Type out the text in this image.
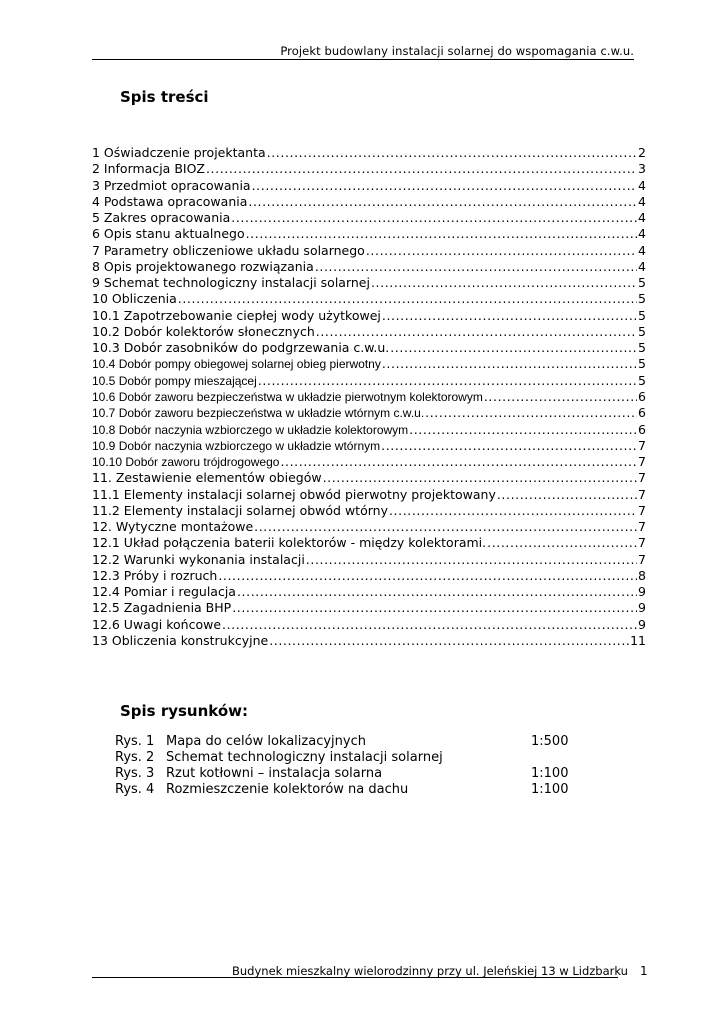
Projekt budowlany instalacji solarnej do wspomagania c.w.u.
Spis treści
1 Oświadczenie projektanta .....	2
2 Informacja BIOZ .....	3
3 Przedmiot opracowania .....	4
4 Podstawa opracowania .....	4
5 Zakres opracowania .....	4
6 Opis stanu aktualnego .....	4
7 Parametry obliczeniowe układu solarnego .....	4
8 Opis projektowanego rozwiązania .....	4
9 Schemat technologiczny instalacji solarnej .....	5
10 Obliczenia .....	5
10.1 Zapotrzebowanie ciepłej wody użytkowej .....	5
10.2 Dobór kolektorów słonecznych .....	5
10.3 Dobór zasobników do podgrzewania c.w.u. .....	5
10.4 Dobór pompy obiegowej solarnej obieg pierwotny .....	5
10.5 Dobór pompy mieszającej .....	5
10.6 Dobór zaworu bezpieczeństwa w układzie pierwotnym kolektorowym .....	6
10.7 Dobór zaworu bezpieczeństwa w układzie wtórnym c.w.u. .....	6
10.8 Dobór naczynia wzbiorczego w układzie kolektorowym .....	6
10.9 Dobór naczynia wzbiorczego w układzie wtórnym .....	7
10.10 Dobór zaworu trójdrogowego .....	7
11. Zestawienie elementów obiegów .....	7
11.1 Elementy instalacji solarnej obwód pierwotny projektowany .....	7
11.2 Elementy instalacji solarnej obwód wtórny .....	7
12. Wytyczne montażowe .....	7
12.1 Układ połączenia baterii kolektorów - między kolektorami. .....	7
12.2 Warunki wykonania instalacji .....	7
12.3 Próby i rozruch .....	8
12.4 Pomiar i regulacja .....	9
12.5 Zagadnienia BHP .....	9
12.6 Uwagi końcowe .....	9
13 Obliczenia konstrukcyjne .....	11
Spis rysunków:
Rys. 1 Mapa do celów lokalizacyjnych	1:500
Rys. 2 Schemat technologiczny instalacji solarnej
Rys. 3 Rzut kotłowni – instalacja solarna	1:100
Rys. 4 Rozmieszczenie kolektorów na dachu	1:100
Budynek mieszkalny wielorodzinny przy ul. Jeleńskiej 13 w Lidzbarku 1
